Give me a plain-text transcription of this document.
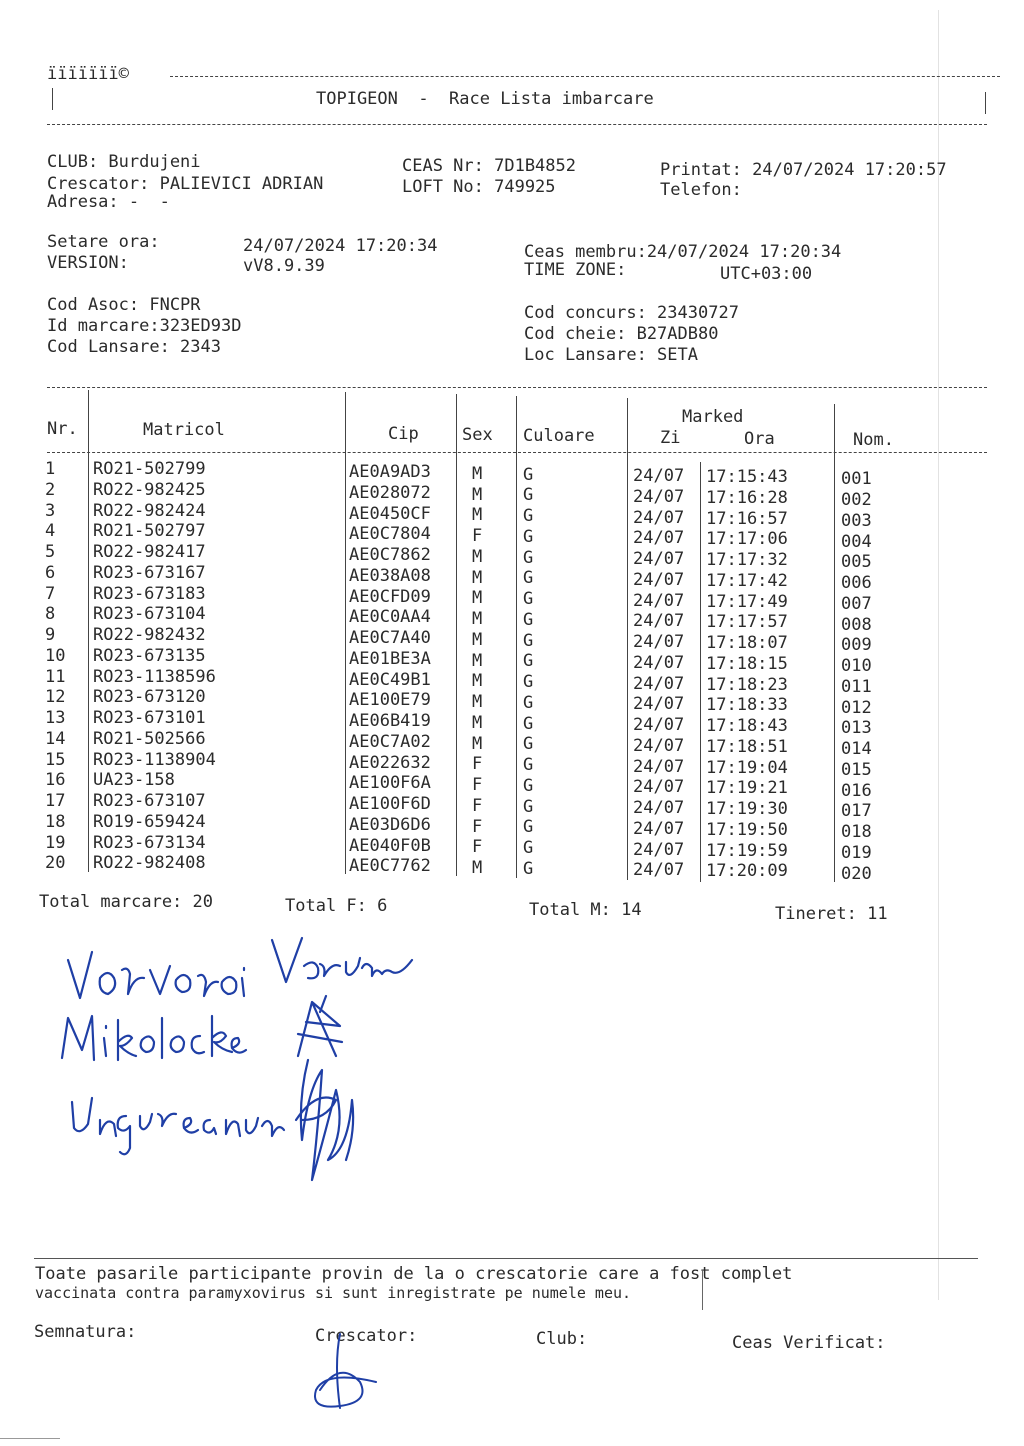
ïïïïïïï©
TOPIGEON  -  Race Lista imbarcare
CLUB: Burdujeni
Crescator: PALIEVICI ADRIAN
Adresa: -  -
CEAS Nr: 7D1B4852
LOFT No: 749925
Printat: 24/07/2024 17:20:57
Telefon:
Setare ora:	24/07/2024 17:20:34
VERSION:	vV8.9.39
Ceas membru:24/07/2024 17:20:34
TIME ZONE:	UTC+03:00
Cod Asoc: FNCPR
Id marcare:323ED93D
Cod Lansare: 2343
Cod concurs: 23430727
Cod cheie: B27ADB80
Loc Lansare: SETA
Nr.	Matricol	Cip	Sex Culoare
Marked
Zi	Ora	Nom.
1 RO21-502799	AE0A9AD3 M G	24/07 17:15:43	001
2 RO22-982425	AE028072 M G	24/07 17:16:28	002
3 RO22-982424	AE0450CF M G	24/07 17:16:57	003
4 RO21-502797	AE0C7804 F G	24/07 17:17:06	004
5 RO22-982417	AE0C7862 M G	24/07 17:17:32	005
6 RO23-673167	AE038A08 M G	24/07 17:17:42	006
7 RO23-673183	AE0CFD09 M G	24/07 17:17:49	007
8 RO23-673104	AE0C0AA4 M G	24/07 17:17:57	008
9 RO22-982432	AE0C7A40 M G	24/07 17:18:07	009
10 RO23-673135	AE01BE3A M G	24/07 17:18:15	010
11 RO23-1138596	AE0C49B1 M G	24/07 17:18:23	011
12 RO23-673120	AE100E79 M G	24/07 17:18:33	012
13 RO23-673101	AE06B419 M G	24/07 17:18:43	013
14 RO21-502566	AE0C7A02 M G	24/07 17:18:51	014
15 RO23-1138904	AE022632 F G	24/07 17:19:04	015
16 UA23-158	AE100F6A F G	24/07 17:19:21	016
17 RO23-673107	AE100F6D F G	24/07 17:19:30	017
18 RO19-659424	AE03D6D6 F G	24/07 17:19:50	018
19 RO23-673134	AE040F0B F G	24/07 17:19:59	019
20 RO22-982408	AE0C7762 M G	24/07 17:20:09	020
Total marcare: 20	Total F: 6	Total M: 14	Tineret: 11
Toate pasarile participante provin de la o crescatorie care a fost complet
vaccinata contra paramyxovirus si sunt inregistrate pe numele meu.
Semnatura:	Crescator:	Club:	Ceas Verificat:
